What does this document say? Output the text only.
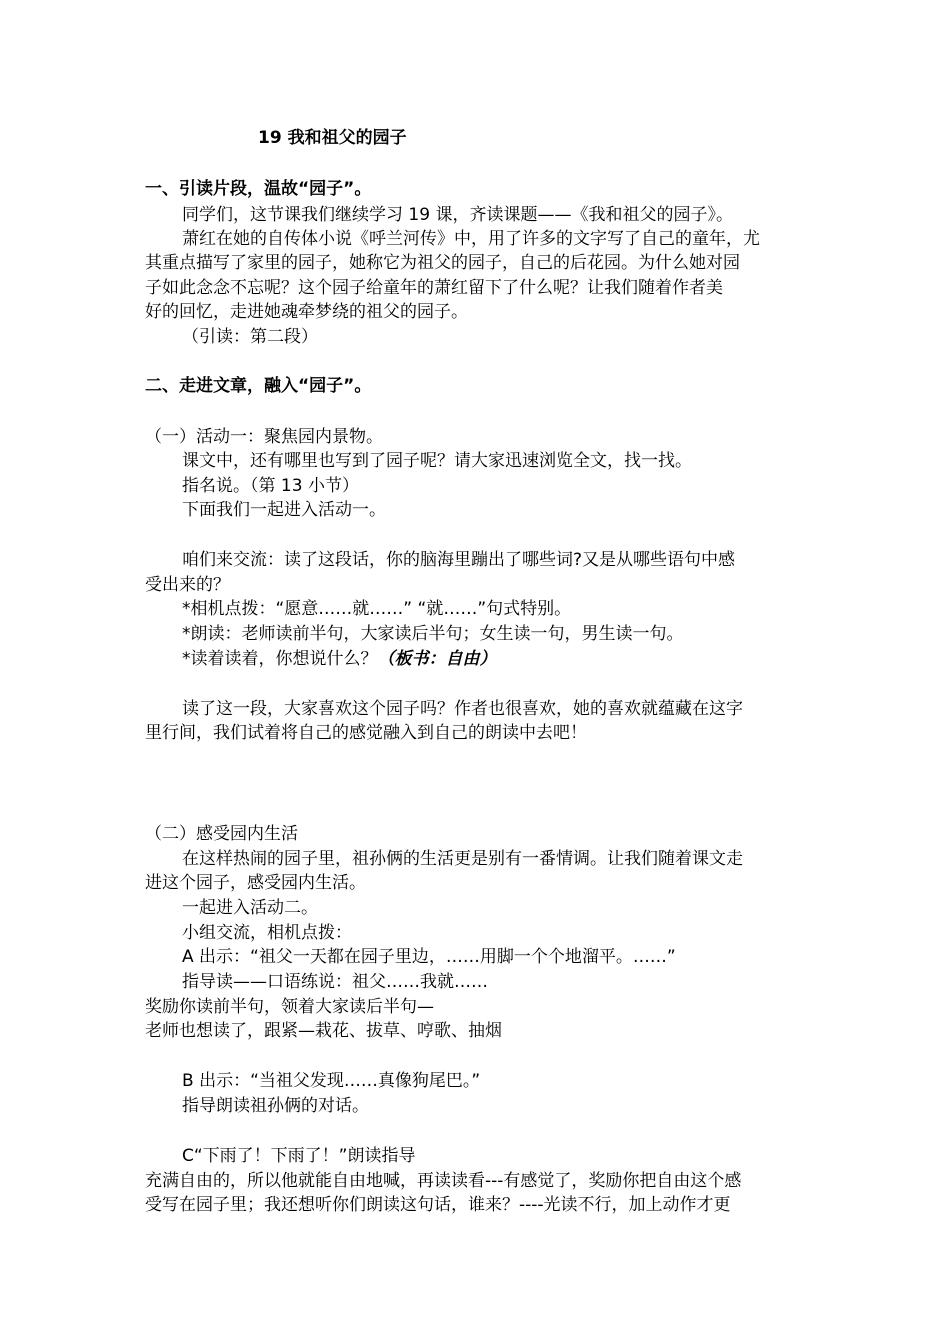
19 我和祖父的园子
一、引读片段，温故“园子”。
同学们，这节课我们继续学习 19 课，齐读课题——《我和祖父的园子》。
萧红在她的自传体小说《呼兰河传》中，用了许多的文字写了自己的童年，尤
其重点描写了家里的园子，她称它为祖父的园子，自己的后花园。为什么她对园
子如此念念不忘呢？这个园子给童年的萧红留下了什么呢？让我们随着作者美
好的回忆，走进她魂牵梦绕的祖父的园子。
（引读：第二段）
二、走进文章，融入“园子”。
（一）活动一：聚焦园内景物。
课文中，还有哪里也写到了园子呢？请大家迅速浏览全文，找一找。
指名说。（第 13 小节）
下面我们一起进入活动一。
咱们来交流：读了这段话，你的脑海里蹦出了哪些词?又是从哪些语句中感
受出来的？
*相机点拨：“愿意……就……” “就……”句式特别。
*朗读：老师读前半句，大家读后半句；女生读一句，男生读一句。
*读着读着，你想说什么？（板书：自由）
读了这一段，大家喜欢这个园子吗？作者也很喜欢，她的喜欢就蕴藏在这字
里行间，我们试着将自己的感觉融入到自己的朗读中去吧！
（二）感受园内生活
在这样热闹的园子里，祖孙俩的生活更是别有一番情调。让我们随着课文走
进这个园子，感受园内生活。
一起进入活动二。
小组交流，相机点拨：
A 出示：“祖父一天都在园子里边，……用脚一个个地溜平。……”
指导读——口语练说：祖父……我就……
奖励你读前半句，领着大家读后半句—
老师也想读了，跟紧—栽花、拔草、哼歌、抽烟
B 出示：“当祖父发现……真像狗尾巴。”
指导朗读祖孙俩的对话。
C“下雨了！下雨了！”朗读指导
充满自由的，所以他就能自由地喊，再读读看---有感觉了，奖励你把自由这个感
受写在园子里；我还想听你们朗读这句话，谁来？----光读不行，加上动作才更
